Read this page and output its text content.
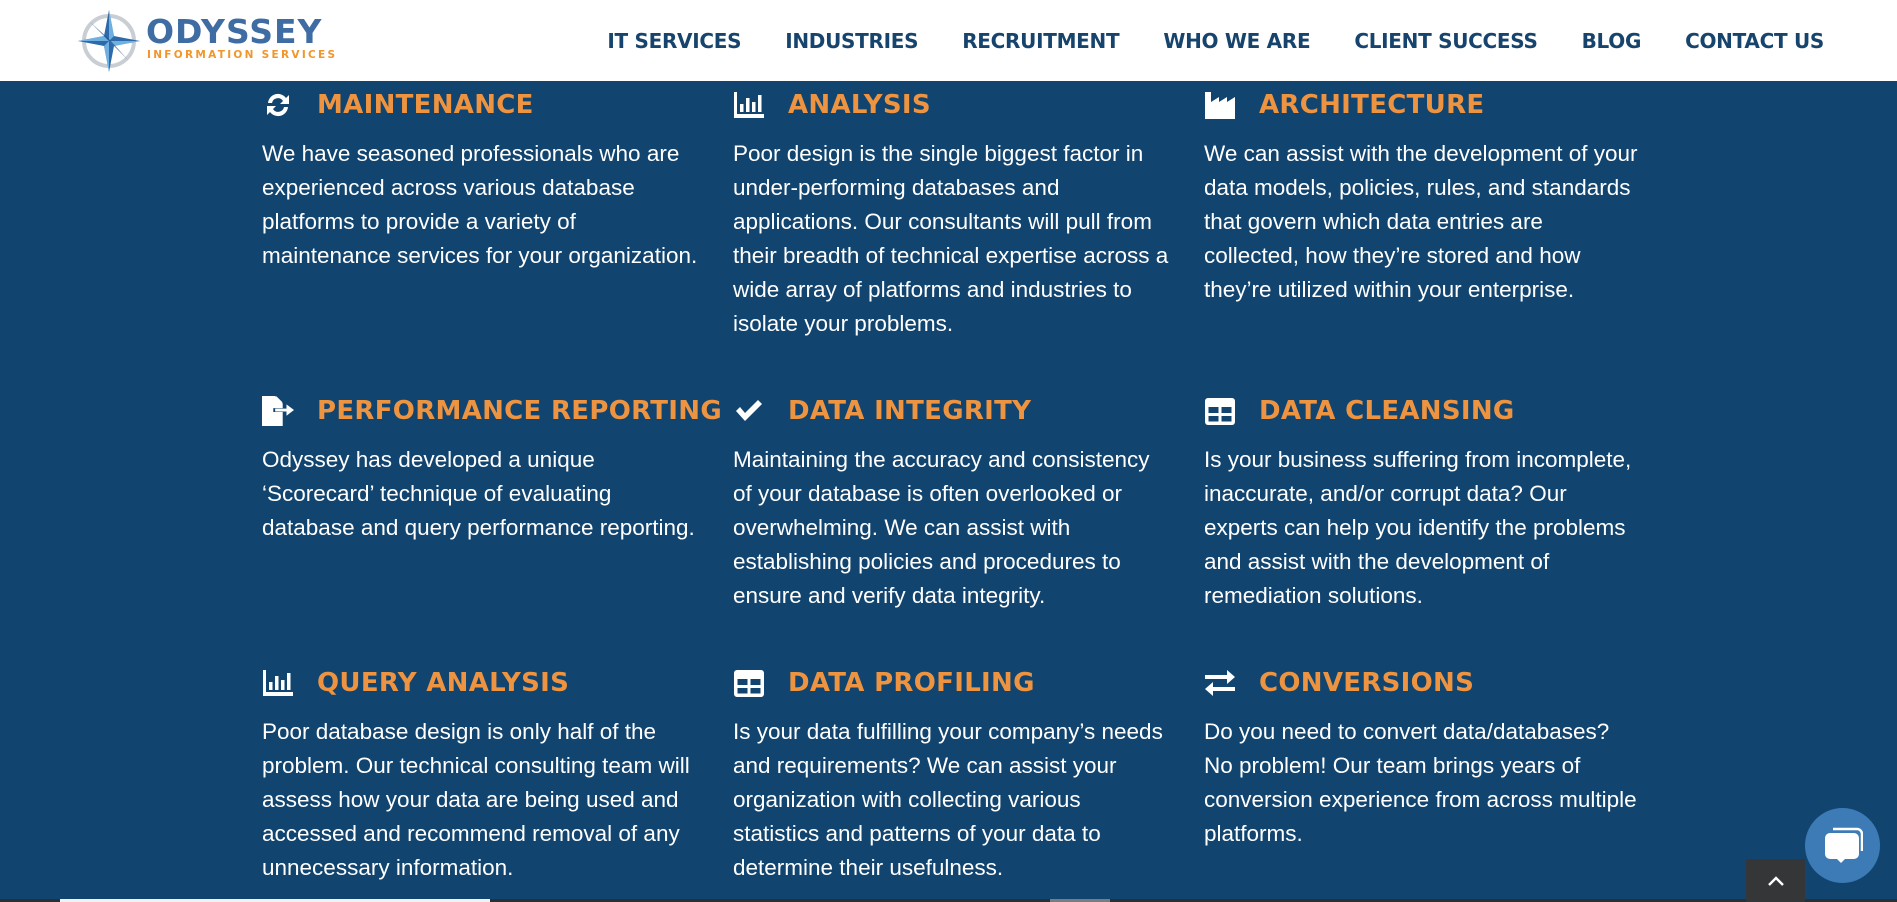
ODYSSEY
INFORMATION SERVICES
IT SERVICES INDUSTRIES RECRUITMENT WHO WE ARE CLIENT SUCCESS BLOG CONTACT US
MAINTENANCE

We have seasoned professionals who are experienced across various database platforms to provide a variety of maintenance services for your organization.

ANALYSIS

Poor design is the single biggest factor in under-performing databases and applications. Our consultants will pull from their breadth of technical expertise across a wide array of platforms and industries to isolate your problems.

ARCHITECTURE

We can assist with the development of your data models, policies, rules, and standards that govern which data entries are collected, how they’re stored and how they’re utilized within your enterprise.

PERFORMANCE REPORTING

Odyssey has developed a unique ‘Scorecard’ technique of evaluating database and query performance reporting.

DATA INTEGRITY

Maintaining the accuracy and consistency of your database is often overlooked or overwhelming. We can assist with establishing policies and procedures to ensure and verify data integrity.

DATA CLEANSING

Is your business suffering from incomplete, inaccurate, and/or corrupt data? Our experts can help you identify the problems and assist with the development of remediation solutions.

QUERY ANALYSIS

Poor database design is only half of the problem. Our technical consulting team will assess how your data are being used and accessed and recommend removal of any unnecessary information.

DATA PROFILING

Is your data fulfilling your company’s needs and requirements? We can assist your organization with collecting various statistics and patterns of your data to determine their usefulness.

CONVERSIONS

Do you need to convert data/databases? No problem! Our team brings years of conversion experience from across multiple platforms.
